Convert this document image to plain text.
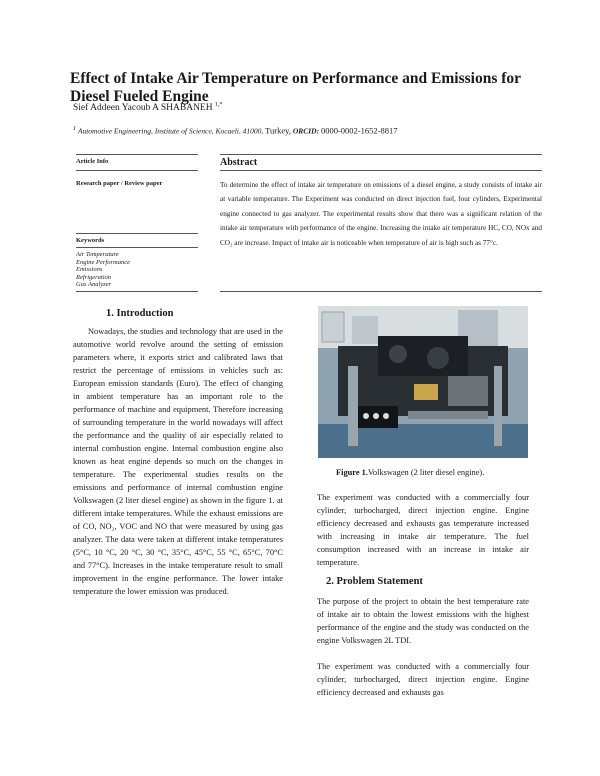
Effect of Intake Air Temperature on Performance and Emissions for Diesel Fueled Engine
Sief Addeen Yacoub A SHABANEH $^{1,*}$
$^1$ Automotive Engineering, Institute of Science, Kocaeli, 41000, Turkey, ORCID: 0000-0002-1652-8817
Article Info
Research paper / Review paper
Keywords
Air Temperature
Engine Performance
Emissions
Refrigeration
Gas Analyzer
Abstract

To determine the effect of intake air temperature on emissions of a diesel engine, a study consists of intake air at variable temperature. The Experiment was conducted on direct injection fuel, four cylinders, Experimental engine connected to gas analyzer. The experimental results show that there was a significant relation of the intake air temperature with performance of the engine. Increasing the intake air temperature HC, CO, NOx and CO₂ are increase. Impact of intake air is noticeable when temperature of air is high such as 77°c.

1. Introduction

Nowadays, the studies and technology that are used in the automotive world revolve around the setting of emission parameters where, it exports strict and calibrated laws that restrict the percentage of emissions in vehicles such as: European emission standards (Euro). The effect of changing in ambient temperature has an important role to the performance of machine and equipment. Therefore increasing of surrounding temperature in the world nowadays will affect the performance and the quality of air especially related to internal combustion engine. Internal combustion engine also known as heat engine depends so much on the changes in temperature. The experimental studies results on the emissions and performance of internal combustion engine Volkswagen (2 liter diesel engine) as shown in the figure 1. at different intake temperatures. While the exhaust emissions are of CO, NO₂, VOC and NO that were measured by using gas analyzer. The data were taken at different intake temperatures (5°C, 10 °C, 20 °C, 30 °C, 35°C, 45°C, 55 °C, 65°C, 70°C and 77°C). Increases in the intake temperature result to small improvement in the engine performance. The lower intake temperature the lower emission was produced.

Figure 1.Volkswagen (2 liter diesel engine).

The experiment was conducted with a commercially four cylinder, turbocharged, direct injection engine. Engine efficiency decreased and exhausts gas temperature increased with increasing in intake air temperature. The fuel consumption increased with an increase in intake air temperature.

2. Problem Statement

The purpose of the project to obtain the best temperature rate of intake air to obtain the lowest emissions with the highest performance of the engine and the study was conducted on the engine Volkswagen 2L TDI.

The experiment was conducted with a commercially four cylinder, turbocharged, direct injection engine. Engine efficiency decreased and exhausts gas
